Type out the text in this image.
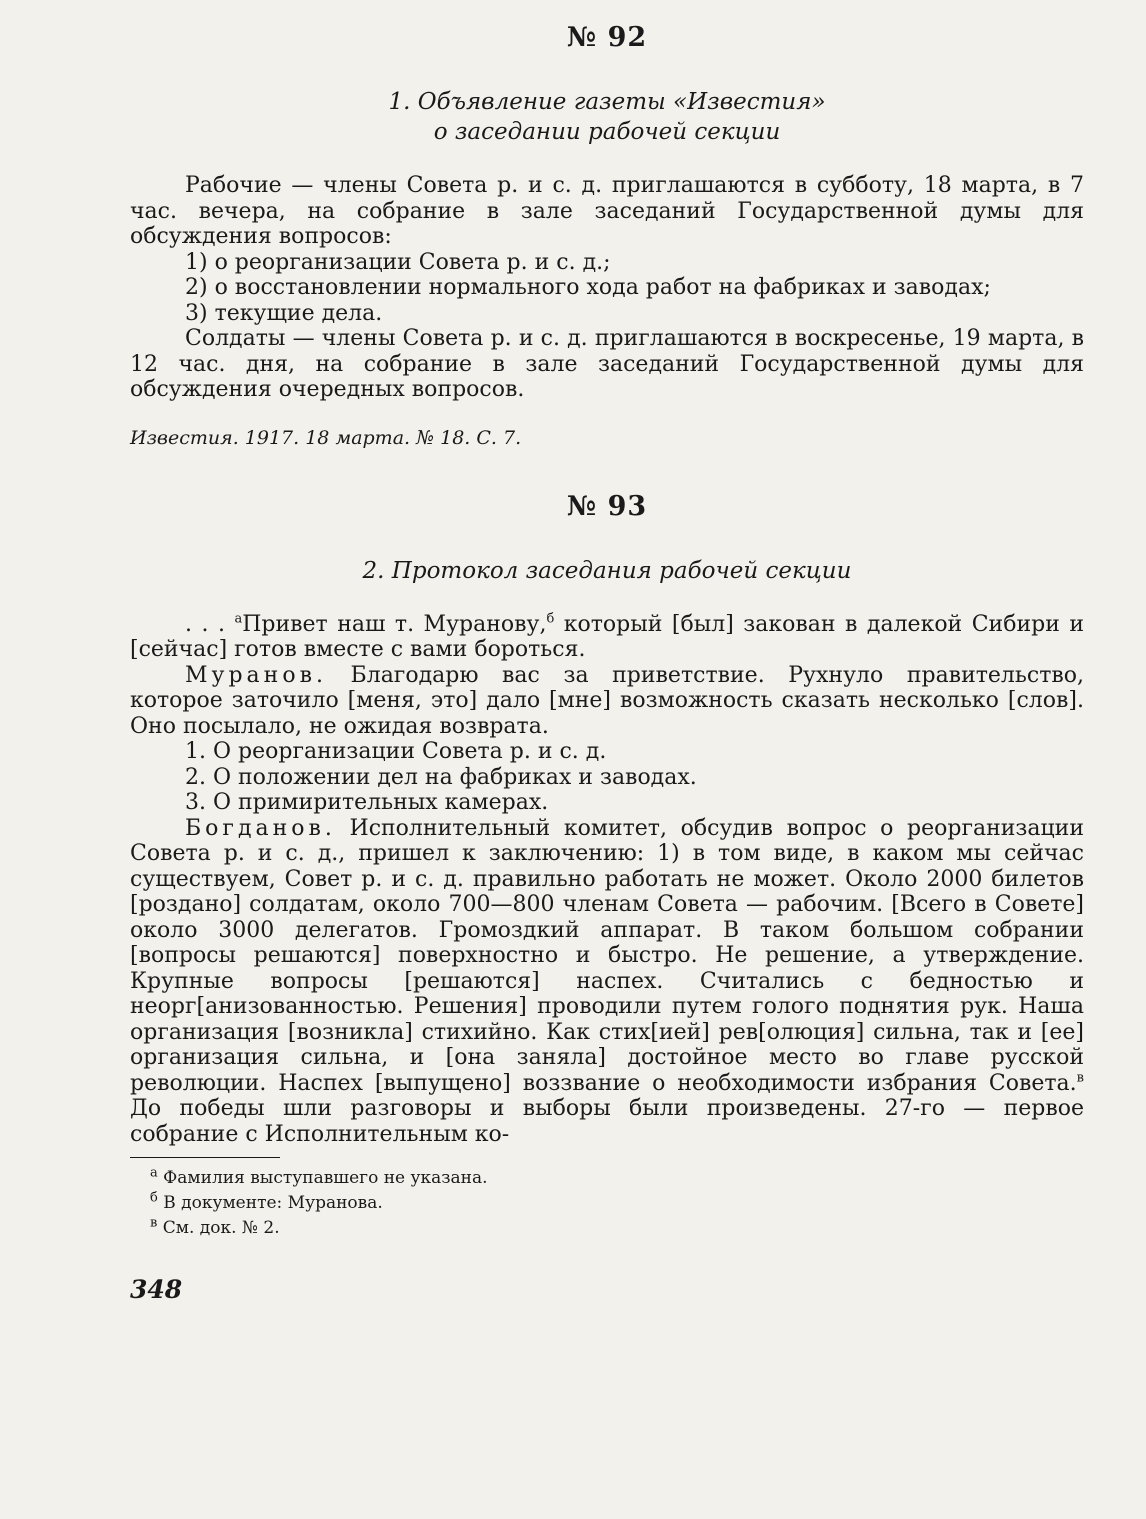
№ 92
1. Объявление газеты «Известия»
о заседании рабочей секции

Рабочие — члены Совета р. и с. д. приглашаются в субботу, 18 марта, в 7 час. вечера, на собрание в зале заседаний Государственной думы для обсуждения вопросов:

1) о реорганизации Совета р. и с. д.;

2) о восстановлении нормального хода работ на фабриках и заводах;

3) текущие дела.

Солдаты — члены Совета р. и с. д. приглашаются в воскресенье, 19 марта, в 12 час. дня, на собрание в зале заседаний Государственной думы для обсуждения очередных вопросов.

Известия. 1917. 18 марта. № 18. С. 7.

№ 93
2. Протокол заседания рабочей секции

. . . $^а$Привет наш т. Муранову,$^б$ который [был] закован в далекой Сибири и [сейчас] готов вместе с вами бороться.

Муранов. Благодарю вас за приветствие. Рухнуло правительство, которое заточило [меня, это] дало [мне] возможность сказать несколько [слов]. Оно посылало, не ожидая возврата.

1. О реорганизации Совета р. и с. д.

2. О положении дел на фабриках и заводах.

3. О примирительных камерах.

Богданов. Исполнительный комитет, обсудив вопрос о реорганизации Совета р. и с. д., пришел к заключению: 1) в том виде, в каком мы сейчас существуем, Совет р. и с. д. правильно работать не может. Около 2000 билетов [роздано] солдатам, около 700—800 членам Совета — рабочим. [Всего в Совете] около 3000 делегатов. Громоздкий аппарат. В таком большом собрании [вопросы решаются] поверхностно и быстро. Не решение, а утверждение. Крупные вопросы [решаются] наспех. Считались с бедностью и неорг[анизованностью. Решения] проводили путем голого поднятия рук. Наша организация [возникла] стихийно. Как стих[ией] рев[олюция] сильна, так и [ее] организация сильна, и [она заняла] достойное место во главе русской революции. Наспех [выпущено] воззвание о необходимости избрания Совета.$^в$ До победы шли разговоры и выборы были произведены. 27-го — первое собрание с Исполнительным ко-

$^а$ Фамилия выступавшего не указана.
$^б$ В документе: Муранова.
$^в$ См. док. № 2.
348
